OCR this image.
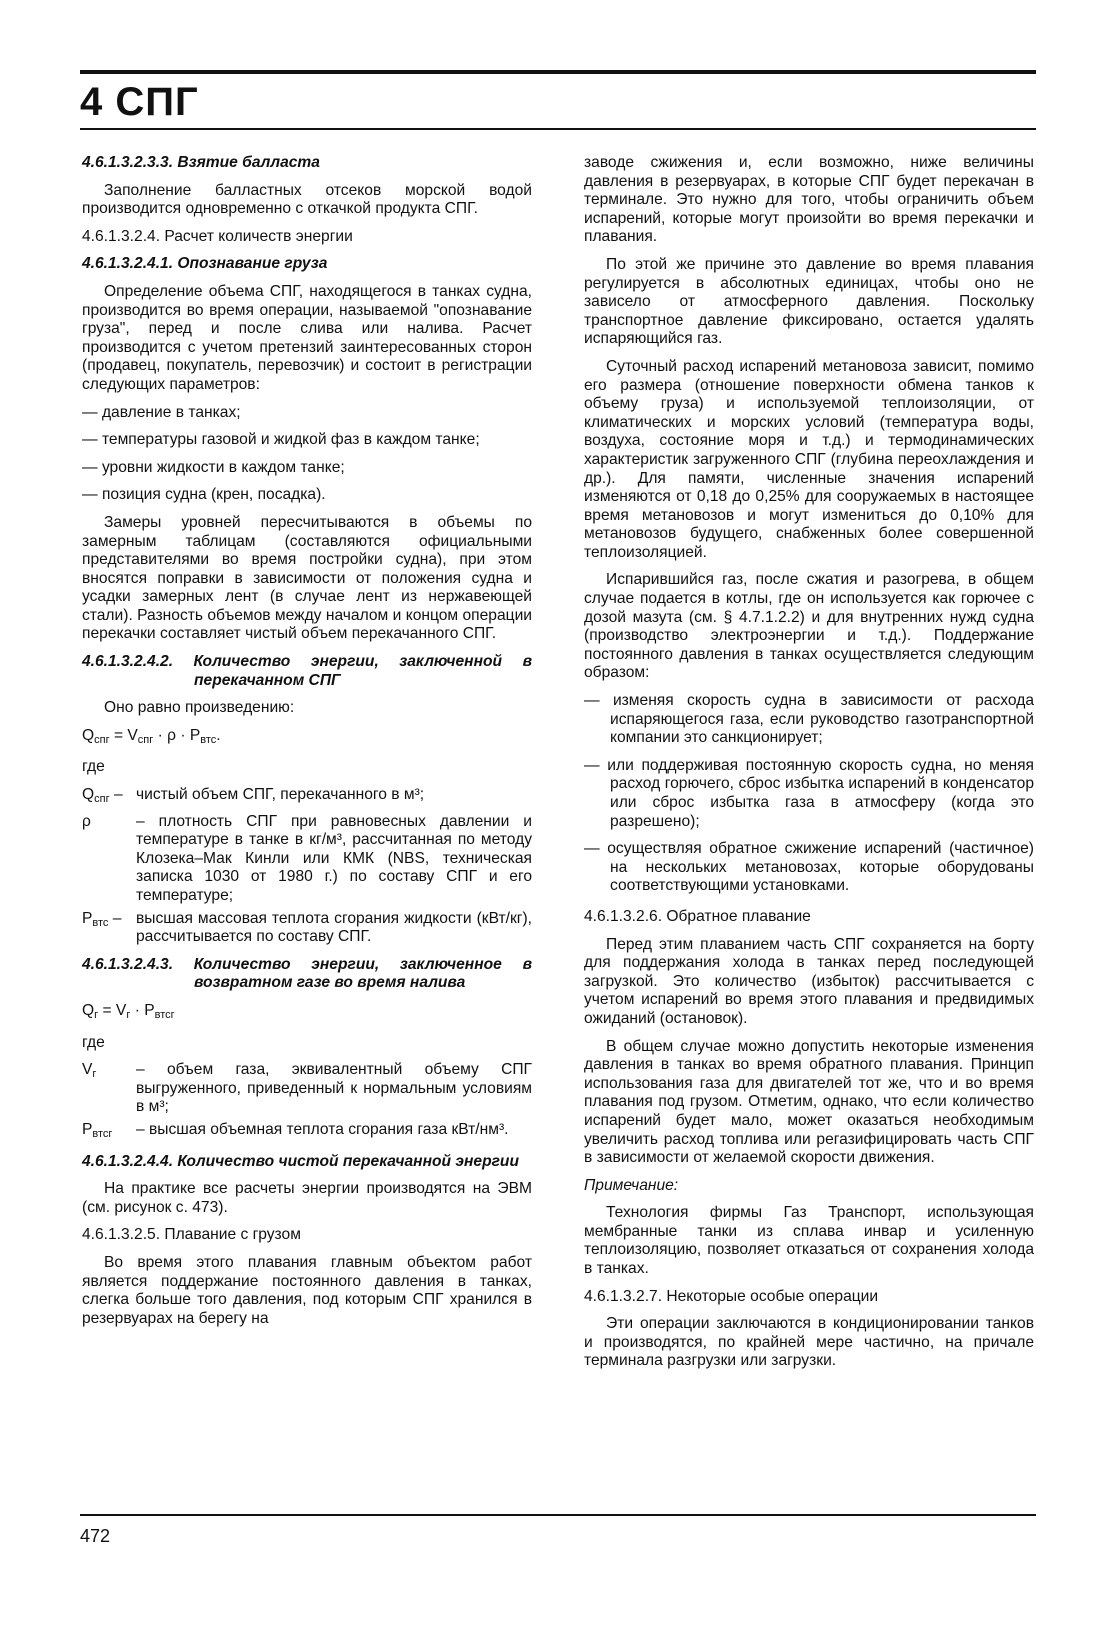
4 СПГ

4.6.1.3.2.3.3. Взятие балласта

Заполнение балластных отсеков морской водой производится одновременно с откачкой продукта СПГ.

4.6.1.3.2.4. Расчет количеств энергии

4.6.1.3.2.4.1. Опознавание груза

Определение объема СПГ, находящегося в танках судна, производится во время операции, называемой "опознавание груза", перед и после слива или налива. Расчет производится с учетом претензий заинтересованных сторон (продавец, покупатель, перевозчик) и состоит в регистрации следующих параметров:

— давление в танках;

— температуры газовой и жидкой фаз в каждом танке;

— уровни жидкости в каждом танке;

— позиция судна (крен, посадка).

Замеры уровней пересчитываются в объемы по замерным таблицам (составляются официальными представителями во время постройки судна), при этом вносятся поправки в зависимости от положения судна и усадки замерных лент (в случае лент из нержавеющей стали). Разность объемов между началом и концом операции перекачки составляет чистый объем перекачанного СПГ.

4.6.1.3.2.4.2. Количество энергии, заключенной в перекачанном СПГ

Оно равно произведению:

$Q_{спг} = V_{спг} \cdot \rho \cdot P_{втс}$.

где

$Q_{спг}$ – чистый объем СПГ, перекачанного в м³;
ρ	– плотность СПГ при равновесных давлении и температуре в танке в кг/м³, рассчитанная по методу Клозека–Мак Кинли или КМК (NBS, техническая записка 1030 от 1980 г.) по составу СПГ и его температуре;
$P_{втс}$ – высшая массовая теплота сгорания жидкости (кВт/кг), рассчитывается по составу СПГ.

4.6.1.3.2.4.3. Количество энергии, заключенное в возвратном газе во время налива

$Q_г = V_г \cdot P_{втсг}$

где

$V_г$	– объем газа, эквивалентный объему СПГ выгруженного, приведенный к нормальным условиям в м³;
$P_{втсг}$	– высшая объемная теплота сгорания газа кВт/нм³.

4.6.1.3.2.4.4. Количество чистой перекачанной энергии

На практике все расчеты энергии производятся на ЭВМ (см. рисунок с. 473).

4.6.1.3.2.5. Плавание с грузом

Во время этого плавания главным объектом работ является поддержание постоянного давления в танках, слегка больше того давления, под которым СПГ хранился в резервуарах на берегу на

заводе сжижения и, если возможно, ниже величины давления в резервуарах, в которые СПГ будет перекачан в терминале. Это нужно для того, чтобы ограничить объем испарений, которые могут произойти во время перекачки и плавания.

По этой же причине это давление во время плавания регулируется в абсолютных единицах, чтобы оно не зависело от атмосферного давления. Поскольку транспортное давление фиксировано, остается удалять испаряющийся газ.

Суточный расход испарений метановоза зависит, помимо его размера (отношение поверхности обмена танков к объему груза) и используемой теплоизоляции, от климатических и морских условий (температура воды, воздуха, состояние моря и т.д.) и термодинамических характеристик загруженного СПГ (глубина переохлаждения и др.). Для памяти, численные значения испарений изменяются от 0,18 до 0,25% для сооружаемых в настоящее время метановозов и могут измениться до 0,10% для метановозов будущего, снабженных более совершенной теплоизоляцией.

Испарившийся газ, после сжатия и разогрева, в общем случае подается в котлы, где он используется как горючее с дозой мазута (см. § 4.7.1.2.2) и для внутренних нужд судна (производство электроэнергии и т.д.). Поддержание постоянного давления в танках осуществляется следующим образом:

— изменяя скорость судна в зависимости от расхода испаряющегося газа, если руководство газотранспортной компании это санкционирует;

— или поддерживая постоянную скорость судна, но меняя расход горючего, сброс избытка испарений в конденсатор или сброс избытка газа в атмосферу (когда это разрешено);

— осуществляя обратное сжижение испарений (частичное) на нескольких метановозах, которые оборудованы соответствующими установками.

4.6.1.3.2.6. Обратное плавание

Перед этим плаванием часть СПГ сохраняется на борту для поддержания холода в танках перед последующей загрузкой. Это количество (избыток) рассчитывается с учетом испарений во время этого плавания и предвидимых ожиданий (остановок).

В общем случае можно допустить некоторые изменения давления в танках во время обратного плавания. Принцип использования газа для двигателей тот же, что и во время плавания под грузом. Отметим, однако, что если количество испарений будет мало, может оказаться необходимым увеличить расход топлива или регазифицировать часть СПГ в зависимости от желаемой скорости движения.

Примечание:

Технология фирмы Газ Транспорт, использующая мембранные танки из сплава инвар и усиленную теплоизоляцию, позволяет отказаться от сохранения холода в танках.

4.6.1.3.2.7. Некоторые особые операции

Эти операции заключаются в кондиционировании танков и производятся, по крайней мере частично, на причале терминала разгрузки или загрузки.

472
